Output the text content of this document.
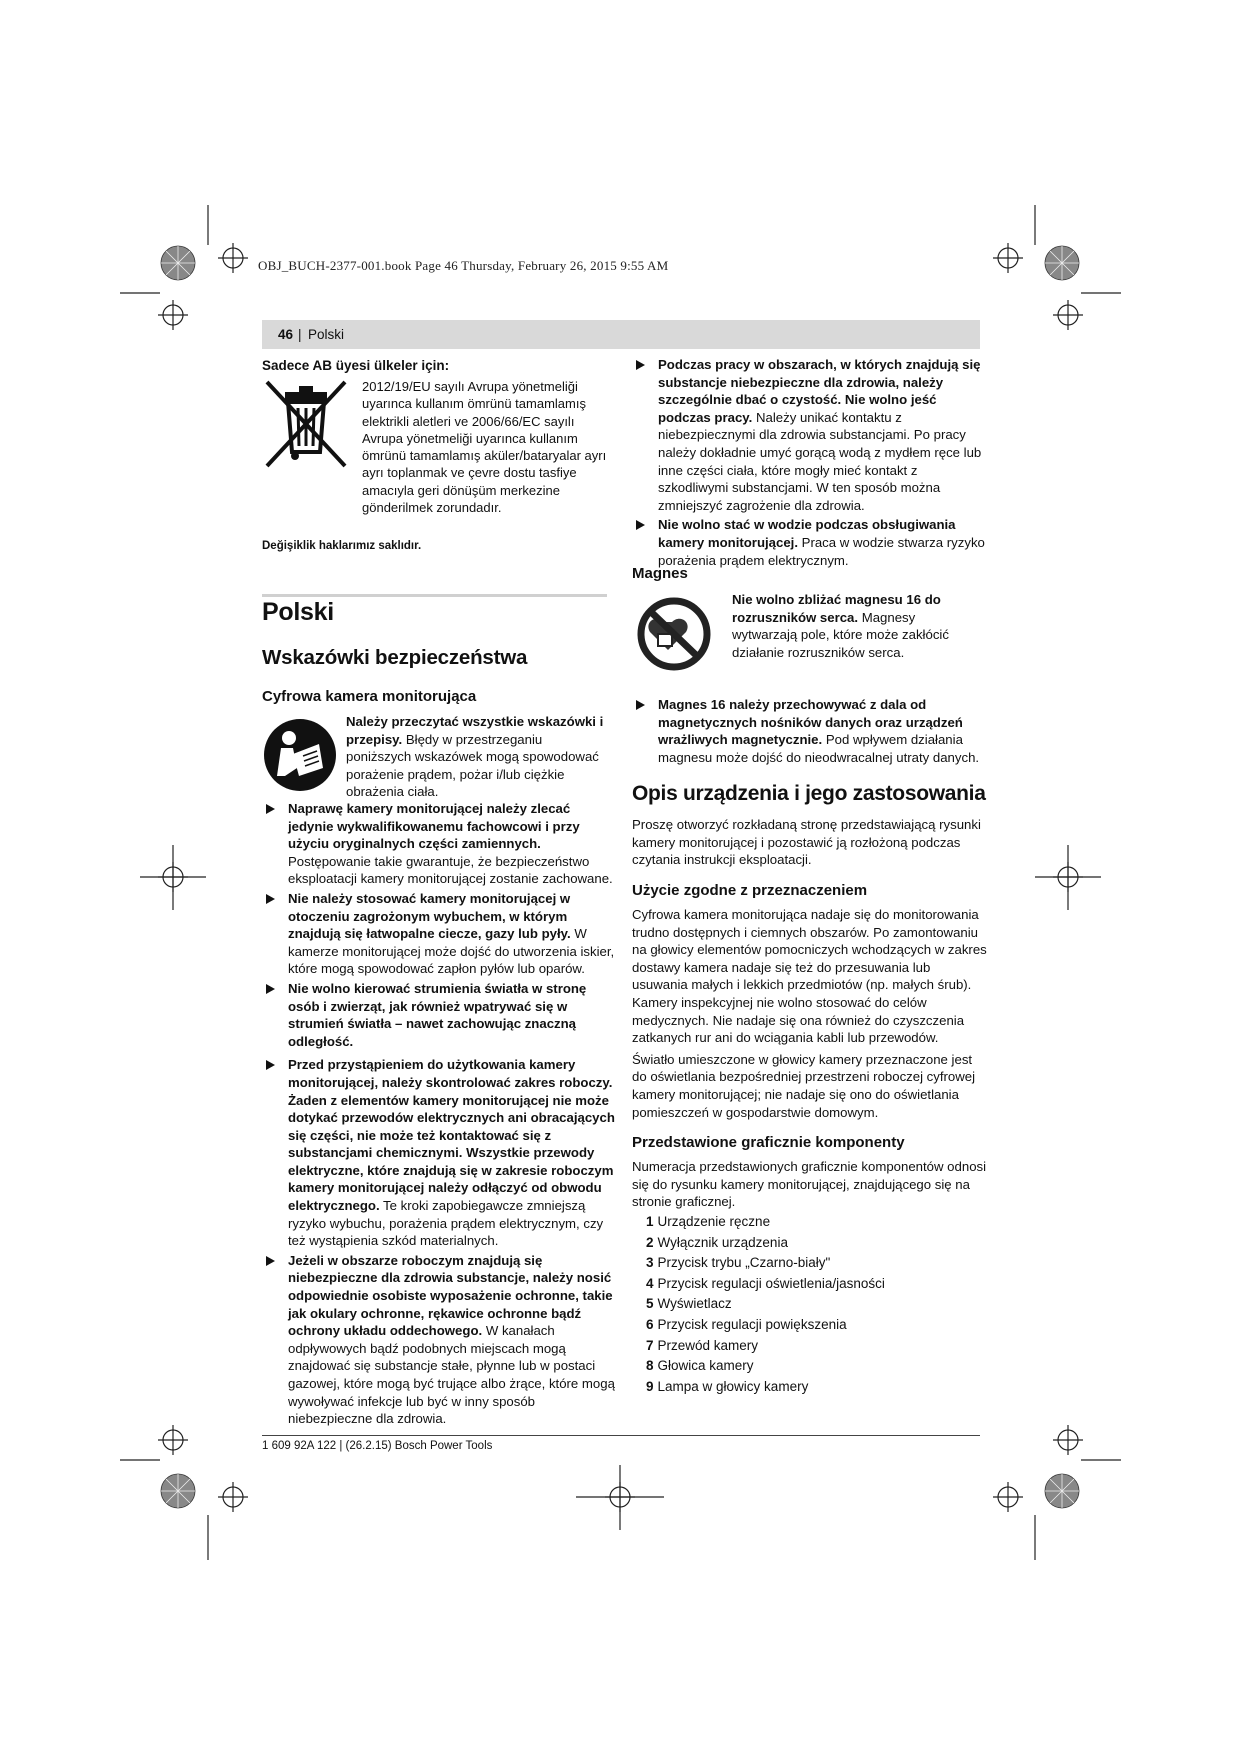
OBJ_BUCH-2377-001.book Page 46 Thursday, February 26, 2015 9:55 AM
46 | Polski
Sadece AB üyesi ülkeler için:
2012/19/EU sayılı Avrupa yönetmeliği uyarınca kullanım ömrünü tamamlamış elektrikli aletleri ve 2006/66/EC sayılı Avrupa yönetmeliği uyarınca kullanım ömrünü tamamlamış aküler/bataryalar ayrı ayrı toplanmak ve çevre dostu tasfiye amacıyla geri dönüşüm merkezine gönderilmek zorundadır.
Değişiklik haklarımız saklıdır.
Polski
Wskazówki bezpieczeństwa
Cyfrowa kamera monitorująca
Należy przeczytać wszystkie wskazówki i przepisy. Błędy w przestrzeganiu poniższych wskazówek mogą spowodować porażenie prądem, pożar i/lub ciężkie obrażenia ciała.

Naprawę kamery monitorującej należy zlecać jedynie wykwalifikowanemu fachowcowi i przy użyciu oryginalnych części zamiennych. Postępowanie takie gwarantuje, że bezpieczeństwo eksploatacji kamery monitorującej zostanie zachowane.

Nie należy stosować kamery monitorującej w otoczeniu zagrożonym wybuchem, w którym znajdują się łatwopalne ciecze, gazy lub pyły. W kamerze monitorującej może dojść do utworzenia iskier, które mogą spowodować zapłon pyłów lub oparów.

Nie wolno kierować strumienia światła w stronę osób i zwierząt, jak również wpatrywać się w strumień światła – nawet zachowując znaczną odległość.

Przed przystąpieniem do użytkowania kamery monitorującej, należy skontrolować zakres roboczy. Żaden z elementów kamery monitorującej nie może dotykać przewodów elektrycznych ani obracających się części, nie może też kontaktować się z substancjami chemicznymi. Wszystkie przewody elektryczne, które znajdują się w zakresie roboczym kamery monitorującej należy odłączyć od obwodu elektrycznego. Te kroki zapobiegawcze zmniejszą ryzyko wybuchu, porażenia prądem elektrycznym, czy też wystąpienia szkód materialnych.

Jeżeli w obszarze roboczym znajdują się niebezpieczne dla zdrowia substancje, należy nosić odpowiednie osobiste wyposażenie ochronne, takie jak okulary ochronne, rękawice ochronne bądź ochrony układu oddechowego. W kanałach odpływowych bądź podobnych miejscach mogą znajdować się substancje stałe, płynne lub w postaci gazowej, które mogą być trujące albo żrące, które mogą wywoływać infekcje lub być w inny sposób niebezpieczne dla zdrowia.

Podczas pracy w obszarach, w których znajdują się substancje niebezpieczne dla zdrowia, należy szczególnie dbać o czystość. Nie wolno jeść podczas pracy. Należy unikać kontaktu z niebezpiecznymi dla zdrowia substancjami. Po pracy należy dokładnie umyć gorącą wodą z mydłem ręce lub inne części ciała, które mogły mieć kontakt z szkodliwymi substancjami. W ten sposób można zmniejszyć zagrożenie dla zdrowia.

Nie wolno stać w wodzie podczas obsługiwania kamery monitorującej. Praca w wodzie stwarza ryzyko porażenia prądem elektrycznym.

Magnes
Nie wolno zbliżać magnesu 16 do rozruszników serca. Magnesy wytwarzają pole, które może zakłócić działanie rozruszników serca.

Magnes 16 należy przechowywać z dala od magnetycznych nośników danych oraz urządzeń wrażliwych magnetycznie. Pod wpływem działania magnesu może dojść do nieodwracalnej utraty danych.

Opis urządzenia i jego zastosowania
Proszę otworzyć rozkładaną stronę przedstawiającą rysunki kamery monitorującej i pozostawić ją rozłożoną podczas czytania instrukcji eksploatacji.
Użycie zgodne z przeznaczeniem

Cyfrowa kamera monitorująca nadaje się do monitorowania trudno dostępnych i ciemnych obszarów. Po zamontowaniu na głowicy elementów pomocniczych wchodzących w zakres dostawy kamera nadaje się też do przesuwania lub usuwania małych i lekkich przedmiotów (np. małych śrub).

Kamery inspekcyjnej nie wolno stosować do celów medycznych. Nie nadaje się ona również do czyszczenia zatkanych rur ani do wciągania kabli lub przewodów.

Światło umieszczone w głowicy kamery przeznaczone jest do oświetlania bezpośredniej przestrzeni roboczej cyfrowej kamery monitorującej; nie nadaje się ono do oświetlania pomieszczeń w gospodarstwie domowym.

Przedstawione graficznie komponenty
Numeracja przedstawionych graficznie komponentów odnosi się do rysunku kamery monitorującej, znajdującego się na stronie graficznej.

1 Urządzenie ręczne

2 Wyłącznik urządzenia

3 Przycisk trybu „Czarno-biały"

4 Przycisk regulacji oświetlenia/jasności

5 Wyświetlacz

6 Przycisk regulacji powiększenia

7 Przewód kamery

8 Głowica kamery

9 Lampa w głowicy kamery

1 609 92A 122 | (26.2.15) Bosch Power Tools
